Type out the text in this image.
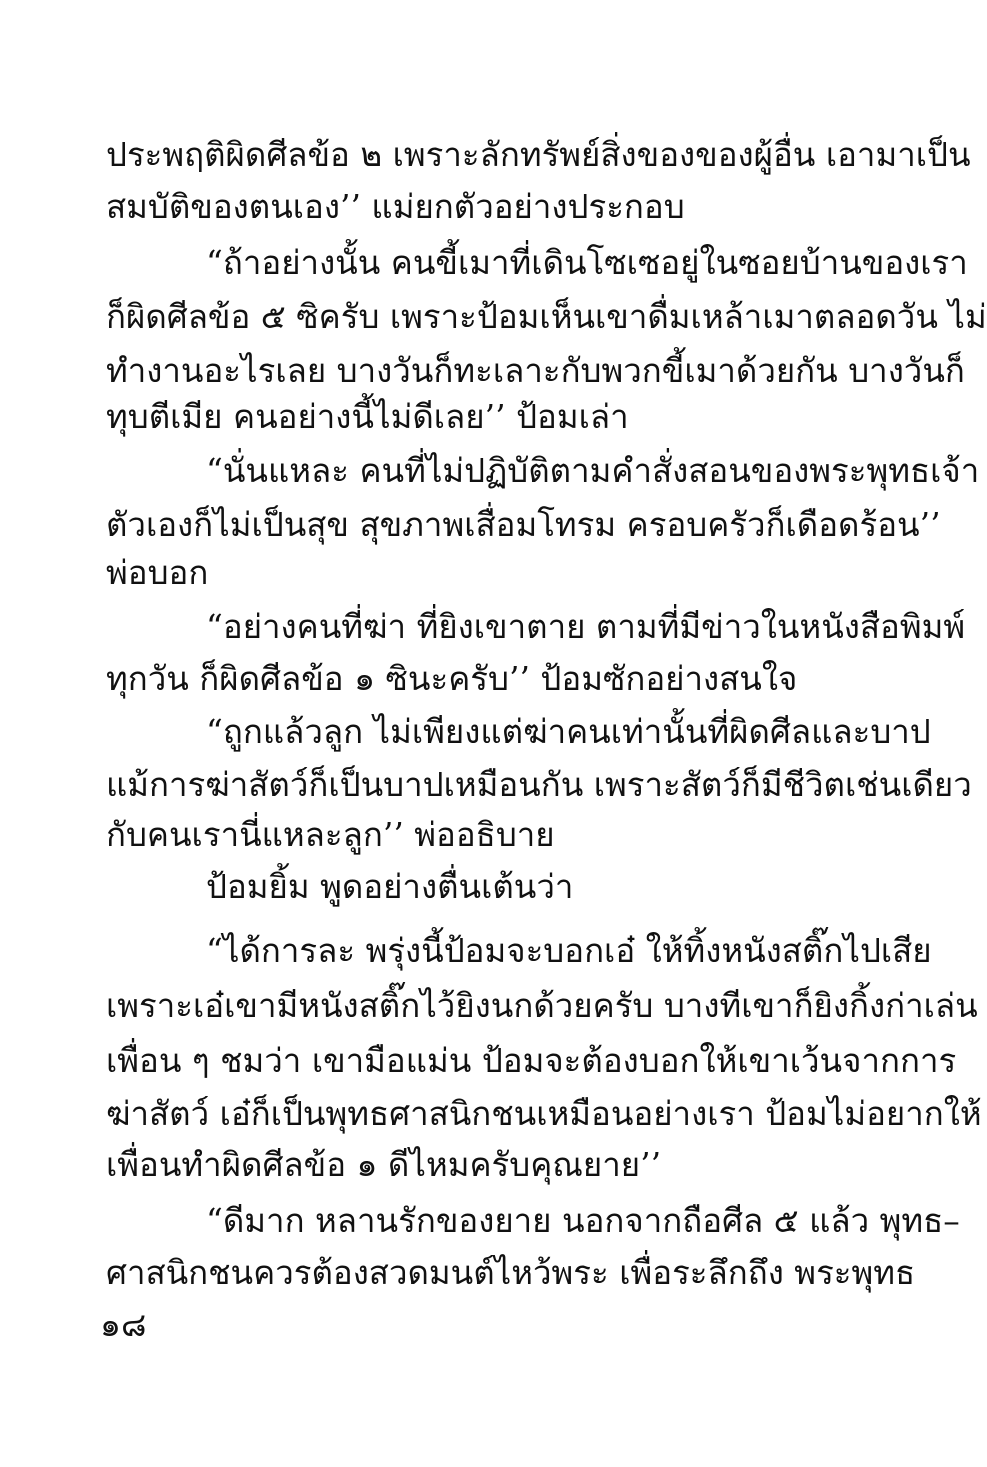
ประพฤติผิดศีลข้อ ๒ เพราะลักทรัพย์สิ่งของของผู้อื่น เอามาเป็น
สมบัติของตนเอง’’ แม่ยกตัวอย่างประกอบ
“ถ้าอย่างนั้น คนขี้เมาที่เดินโซเซอยู่ในซอยบ้านของเรา
ก็ผิดศีลข้อ ๕ ซิครับ เพราะป้อมเห็นเขาดื่มเหล้าเมาตลอดวัน ไม่
ทำงานอะไรเลย บางวันก็ทะเลาะกับพวกขี้เมาด้วยกัน บางวันก็
ทุบตีเมีย คนอย่างนี้ไม่ดีเลย’’ ป้อมเล่า
“นั่นแหละ คนที่ไม่ปฏิบัติตามคำสั่งสอนของพระพุทธเจ้า
ตัวเองก็ไม่เป็นสุข สุขภาพเสื่อมโทรม ครอบครัวก็เดือดร้อน’’
พ่อบอก
“อย่างคนที่ฆ่า ที่ยิงเขาตาย ตามที่มีข่าวในหนังสือพิมพ์
ทุกวัน ก็ผิดศีลข้อ ๑ ซินะครับ’’ ป้อมซักอย่างสนใจ
“ถูกแล้วลูก ไม่เพียงแต่ฆ่าคนเท่านั้นที่ผิดศีลและบาป
แม้การฆ่าสัตว์ก็เป็นบาปเหมือนกัน เพราะสัตว์ก็มีชีวิตเช่นเดียว
กับคนเรานี่แหละลูก’’ พ่ออธิบาย
ป้อมยิ้ม พูดอย่างตื่นเต้นว่า
“ได้การละ พรุ่งนี้ป้อมจะบอกเอ๋ ให้ทิ้งหนังสติ๊กไปเสีย
เพราะเอ๋เขามีหนังสติ๊กไว้ยิงนกด้วยครับ บางทีเขาก็ยิงกิ้งก่าเล่น
เพื่อน ๆ ชมว่า เขามือแม่น ป้อมจะต้องบอกให้เขาเว้นจากการ
ฆ่าสัตว์ เอ๋ก็เป็นพุทธศาสนิกชนเหมือนอย่างเรา ป้อมไม่อยากให้
เพื่อนทำผิดศีลข้อ ๑ ดีไหมครับคุณยาย’’
“ดีมาก หลานรักของยาย นอกจากถือศีล ๕ แล้ว พุทธ–
ศาสนิกชนควรต้องสวดมนต์ไหว้พระ เพื่อระลึกถึง พระพุทธ
๑๘
